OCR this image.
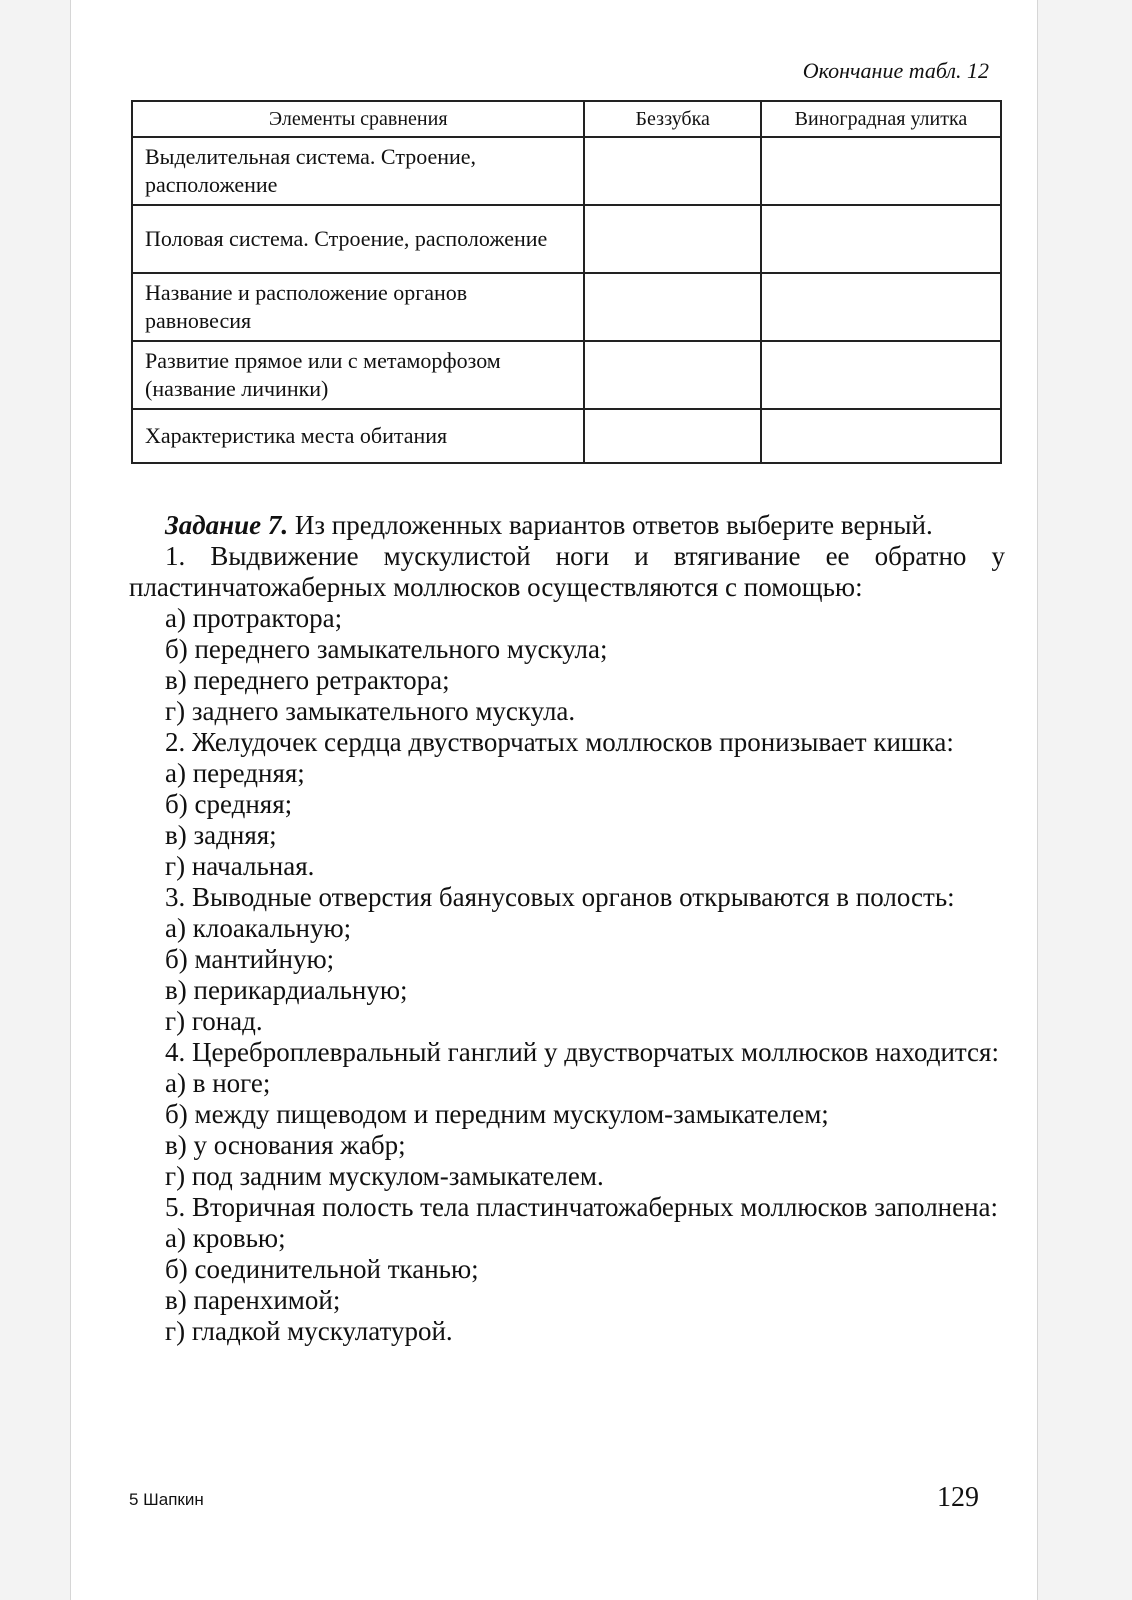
Окончание табл. 12
Элементы сравнения	Беззубка	Виноградная улитка
Выделительная система. Строение, расположение		
Половая система. Строение, расположение		
Название и расположение органов равновесия		
Развитие прямое или с метаморфозом (название личинки)		
Характеристика места обитания		

Задание 7. Из предложенных вариантов ответов выберите верный.

1. Выдвижение мускулистой ноги и втягивание ее обратно у пластинчатожаберных моллюсков осуществляются с помощью:

а) протрактора;

б) переднего замыкательного мускула;

в) переднего ретрактора;

г) заднего замыкательного мускула.

2. Желудочек сердца двустворчатых моллюсков пронизывает кишка:

а) передняя;

б) средняя;

в) задняя;

г) начальная.

3. Выводные отверстия баянусовых органов открываются в полость:

а) клоакальную;

б) мантийную;

в) перикардиальную;

г) гонад.

4. Цереброплевральный ганглий у двустворчатых моллюсков находится:

а) в ноге;

б) между пищеводом и передним мускулом-замыкателем;

в) у основания жабр;

г) под задним мускулом-замыкателем.

5. Вторичная полость тела пластинчатожаберных моллюсков заполнена:

а) кровью;

б) соединительной тканью;

в) паренхимой;

г) гладкой мускулатурой.

5 Шапкин	129
